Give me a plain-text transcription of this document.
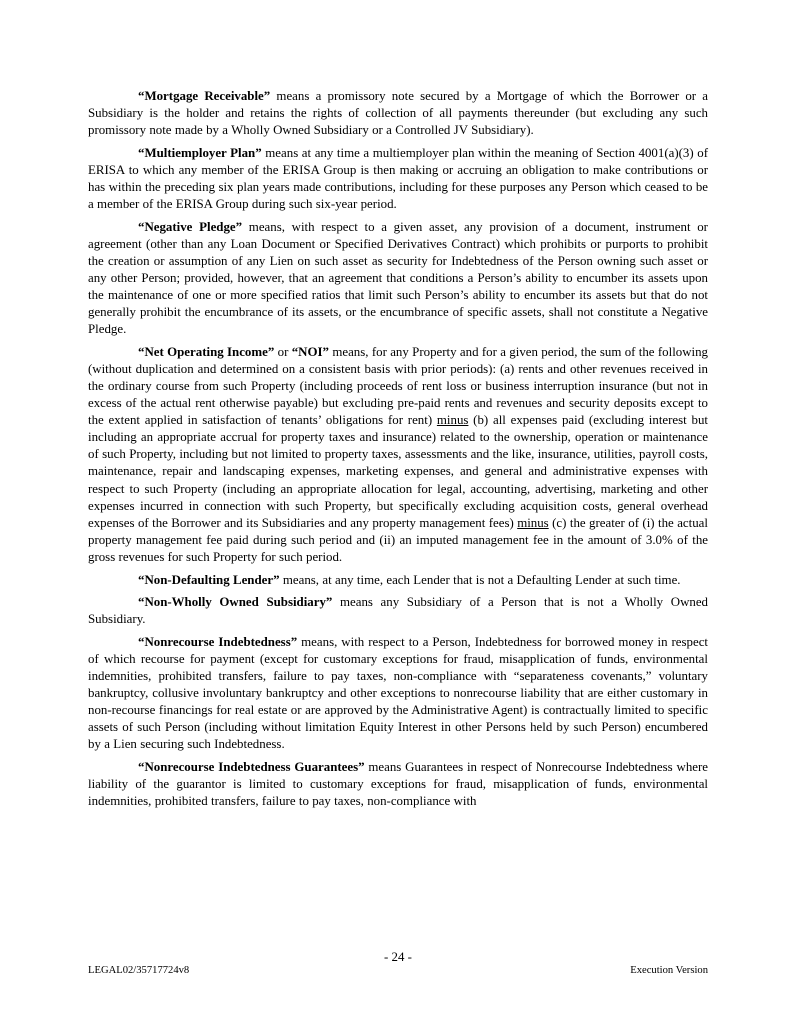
“Mortgage Receivable” means a promissory note secured by a Mortgage of which the Borrower or a Subsidiary is the holder and retains the rights of collection of all payments thereunder (but excluding any such promissory note made by a Wholly Owned Subsidiary or a Controlled JV Subsidiary).

“Multiemployer Plan” means at any time a multiemployer plan within the meaning of Section 4001(a)(3) of ERISA to which any member of the ERISA Group is then making or accruing an obligation to make contributions or has within the preceding six plan years made contributions, including for these purposes any Person which ceased to be a member of the ERISA Group during such six-year period.

“Negative Pledge” means, with respect to a given asset, any provision of a document, instrument or agreement (other than any Loan Document or Specified Derivatives Contract) which prohibits or purports to prohibit the creation or assumption of any Lien on such asset as security for Indebtedness of the Person owning such asset or any other Person; provided, however, that an agreement that conditions a Person’s ability to encumber its assets upon the maintenance of one or more specified ratios that limit such Person’s ability to encumber its assets but that do not generally prohibit the encumbrance of its assets, or the encumbrance of specific assets, shall not constitute a Negative Pledge.

“Net Operating Income” or “NOI” means, for any Property and for a given period, the sum of the following (without duplication and determined on a consistent basis with prior periods): (a) rents and other revenues received in the ordinary course from such Property (including proceeds of rent loss or business interruption insurance (but not in excess of the actual rent otherwise payable) but excluding pre-paid rents and revenues and security deposits except to the extent applied in satisfaction of tenants’ obligations for rent) minus (b) all expenses paid (excluding interest but including an appropriate accrual for property taxes and insurance) related to the ownership, operation or maintenance of such Property, including but not limited to property taxes, assessments and the like, insurance, utilities, payroll costs, maintenance, repair and landscaping expenses, marketing expenses, and general and administrative expenses with respect to such Property (including an appropriate allocation for legal, accounting, advertising, marketing and other expenses incurred in connection with such Property, but specifically excluding acquisition costs, general overhead expenses of the Borrower and its Subsidiaries and any property management fees) minus (c) the greater of (i) the actual property management fee paid during such period and (ii) an imputed management fee in the amount of 3.0% of the gross revenues for such Property for such period.

“Non-Defaulting Lender” means, at any time, each Lender that is not a Defaulting Lender at such time.

“Non-Wholly Owned Subsidiary” means any Subsidiary of a Person that is not a Wholly Owned Subsidiary.

“Nonrecourse Indebtedness” means, with respect to a Person, Indebtedness for borrowed money in respect of which recourse for payment (except for customary exceptions for fraud, misapplication of funds, environmental indemnities, prohibited transfers, failure to pay taxes, non-compliance with “separateness covenants,” voluntary bankruptcy, collusive involuntary bankruptcy and other exceptions to nonrecourse liability that are either customary in non-recourse financings for real estate or are approved by the Administrative Agent) is contractually limited to specific assets of such Person (including without limitation Equity Interest in other Persons held by such Person) encumbered by a Lien securing such Indebtedness.

“Nonrecourse Indebtedness Guarantees” means Guarantees in respect of Nonrecourse Indebtedness where liability of the guarantor is limited to customary exceptions for fraud, misapplication of funds, environmental indemnities, prohibited transfers, failure to pay taxes, non-compliance with

- 24 -
LEGAL02/35717724v8	Execution Version
